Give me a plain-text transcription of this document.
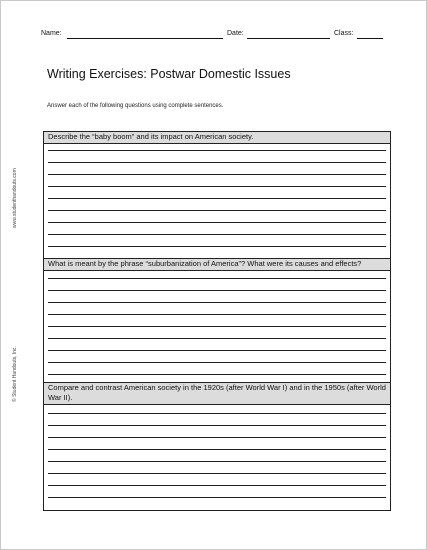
Name:	Date:	Class:
www.studenthandouts.com
© Student Handouts, Inc.
Writing Exercises: Postwar Domestic Issues
Answer each of the following questions using complete sentences.
Describe the “baby boom” and its impact on American society.
What is meant by the phrase “suburbanization of America”? What were its causes and effects?
Compare and contrast American society in the 1920s (after World War I) and in the 1950s (after World War II).
